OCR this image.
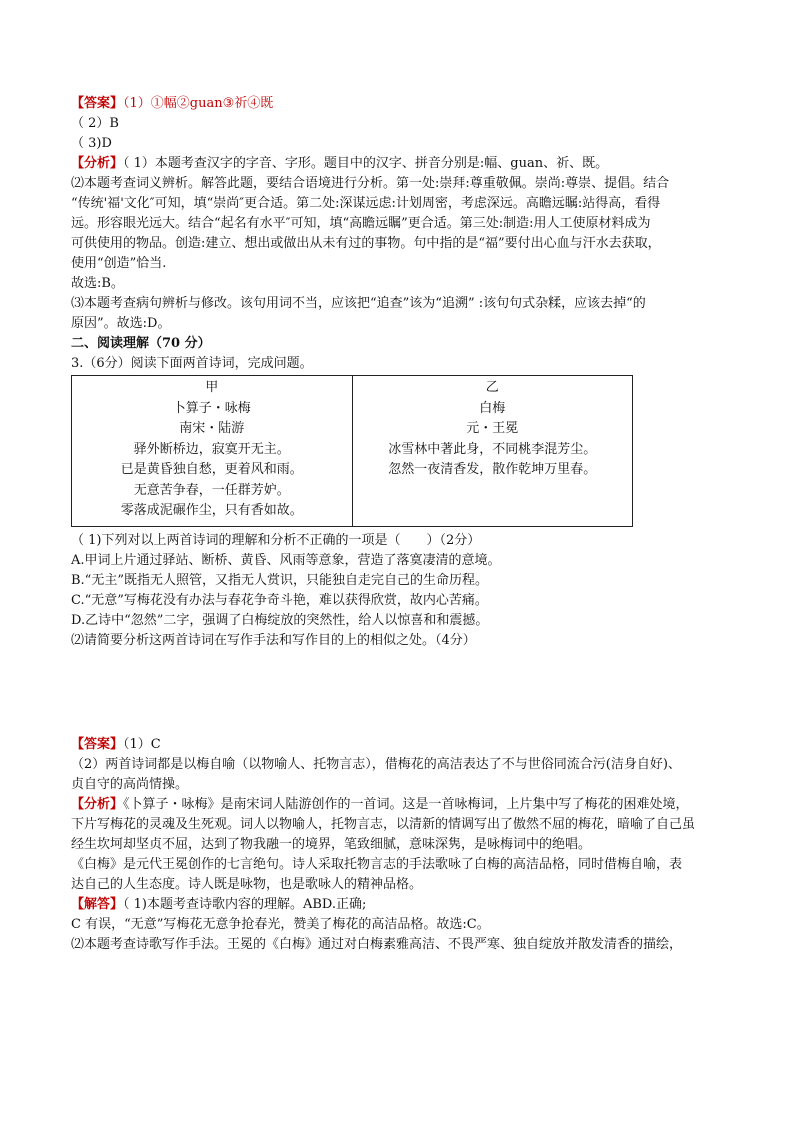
【答案】（1）①幅②guan③祈④既
（ 2）B
（ 3)D
【分析】（ 1）本题考查汉字的字音、字形。题目中的汉字、拼音分别是:幅、guan、祈、既。
⑵本题考查词义辨析。解答此题，要结合语境进行分析。第一处:崇拜:尊重敬佩。崇尚:尊崇、提倡。结合
“传统'福'文化″可知，填“崇尚″更合适。第二处:深谋远虑:计划周密，考虑深远。高瞻远瞩:站得高，看得
远。形容眼光远大。结合“起名有水平″可知，填“高瞻远瞩”更合适。第三处:制造:用人工使原材料成为
可供使用的物品。创造:建立、想出或做出从未有过的事物。句中指的是“福”要付出心血与汗水去获取，
使用“创造”恰当.
故选:B。
⑶本题考查病句辨析与修改。该句用词不当，应该把“追查”该为“追溯” :该句句式杂糅，应该去掉“的
原因”。故选:D。
二、阅读理解（70 分）
3.（6分）阅读下面两首诗词，完成问题。
甲
卜算子・咏梅
南宋・陆游
驿外断桥边，寂寞开无主。
已是黄昏独自愁，更着风和雨。
无意苦争春，一任群芳妒。
零落成泥碾作尘，只有香如故。

乙
白梅
元・王冕
冰雪林中著此身，不同桃李混芳尘。
忽然一夜清香发，散作乾坤万里春。
（ 1)下列对以上两首诗词的理解和分析不正确的一项是（　　）（2分）
A.甲词上片通过驿站、断桥、黄昏、风雨等意象，营造了落寞凄清的意境。
B.“无主”既指无人照管，又指无人赏识，只能独自走完自己的生命历程。
C.“无意”写梅花没有办法与春花争奇斗艳，难以获得欣赏，故内心苦痛。
D.乙诗中“忽然”二字，强调了白梅绽放的突然性，给人以惊喜和和震撼。
⑵请简要分析这两首诗词在写作手法和写作目的上的相似之处。（4分）
【答案】（1）C
（2）两首诗词都是以梅自喻（以物喻人、托物言志），借梅花的高洁表达了不与世俗同流合污(洁身自好)、
贞自守的高尚情操。
【分析】《卜算子・咏梅》是南宋词人陆游创作的一首词。这是一首咏梅词，上片集中写了梅花的困难处境，
下片写梅花的灵魂及生死观。词人以物喻人，托物言志，以清新的情调写出了傲然不屈的梅花，暗喻了自己虽
经生坎坷却坚贞不屈，达到了物我融一的境界，笔致细腻，意味深隽，是咏梅词中的绝唱。
《白梅》是元代王冕创作的七言绝句。诗人采取托物言志的手法歌咏了白梅的高洁品格，同时借梅自喻，表
达自己的人生态度。诗人既是咏物，也是歌咏人的精神品格。
【解答】（ 1)本题考查诗歌内容的理解。ABD.正确;
C 有误，“无意”写梅花无意争抢春光，赞美了梅花的高洁品格。故选:C。
⑵本题考查诗歌写作手法。王冕的《白梅》通过对白梅素雅高洁、不畏严寒、独自绽放并散发清香的描绘，
